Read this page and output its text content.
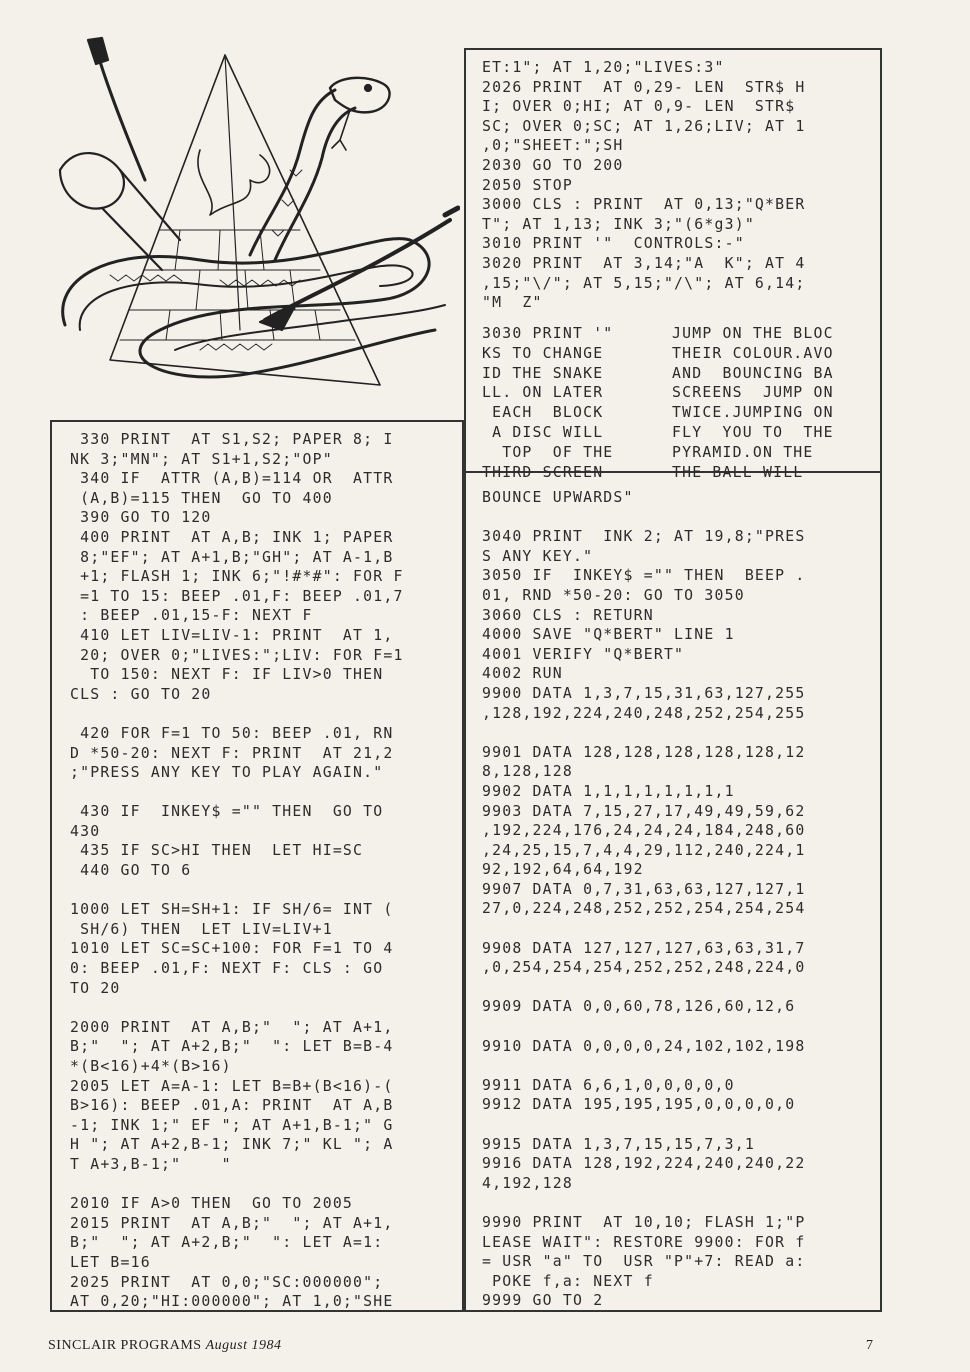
ET:1"; AT 1,20;"LIVES:3"
2026 PRINT  AT 0,29- LEN  STR$ H
I; OVER 0;HI; AT 0,9- LEN  STR$
SC; OVER 0;SC; AT 1,26;LIV; AT 1
,0;"SHEET:";SH
2030 GO TO 200
2050 STOP
3000 CLS : PRINT  AT 0,13;"Q*BER
T"; AT 1,13; INK 3;"(6*g3)"
3010 PRINT '"  CONTROLS:-"
3020 PRINT  AT 3,14;"A  K"; AT 4
,15;"\/"; AT 5,15;"/\"; AT 6,14;
"M  Z"
3030 PRINT '"
KS TO CHANGE
ID THE SNAKE
LL. ON LATER
EACH  BLOCK
A DISC WILL
TOP  OF THE
THIRD SCREEN
JUMP ON THE BLOC
THEIR COLOUR.AVO
AND  BOUNCING BA
SCREENS  JUMP ON
TWICE.JUMPING ON
FLY  YOU TO  THE
PYRAMID.ON THE
THE BALL WILL
BOUNCE UPWARDS"

3040 PRINT  INK 2; AT 19,8;"PRES
S ANY KEY."
3050 IF  INKEY$ ="" THEN  BEEP .
01, RND *50-20: GO TO 3050
3060 CLS : RETURN
4000 SAVE "Q*BERT" LINE 1
4001 VERIFY "Q*BERT"
4002 RUN
9900 DATA 1,3,7,15,31,63,127,255
,128,192,224,240,248,252,254,255

9901 DATA 128,128,128,128,128,12
8,128,128
9902 DATA 1,1,1,1,1,1,1,1
9903 DATA 7,15,27,17,49,49,59,62
,192,224,176,24,24,24,184,248,60
,24,25,15,7,4,4,29,112,240,224,1
92,192,64,64,192
9907 DATA 0,7,31,63,63,127,127,1
27,0,224,248,252,252,254,254,254

9908 DATA 127,127,127,63,63,31,7
,0,254,254,254,252,252,248,224,0

9909 DATA 0,0,60,78,126,60,12,6

9910 DATA 0,0,0,0,24,102,102,198

9911 DATA 6,6,1,0,0,0,0,0
9912 DATA 195,195,195,0,0,0,0,0

9915 DATA 1,3,7,15,15,7,3,1
9916 DATA 128,192,224,240,240,22
4,192,128

9990 PRINT  AT 10,10; FLASH 1;"P
LEASE WAIT": RESTORE 9900: FOR f
= USR "a" TO  USR "P"+7: READ a:
POKE f,a: NEXT f
9999 GO TO 2
330 PRINT  AT S1,S2; PAPER 8; I
NK 3;"MN"; AT S1+1,S2;"OP"
340 IF  ATTR (A,B)=114 OR  ATTR
(A,B)=115 THEN  GO TO 400
390 GO TO 120
400 PRINT  AT A,B; INK 1; PAPER
8;"EF"; AT A+1,B;"GH"; AT A-1,B
+1; FLASH 1; INK 6;"!#*#": FOR F
=1 TO 15: BEEP .01,F: BEEP .01,7
: BEEP .01,15-F: NEXT F
410 LET LIV=LIV-1: PRINT  AT 1,
20; OVER 0;"LIVES:";LIV: FOR F=1
TO 150: NEXT F: IF LIV>0 THEN
CLS : GO TO 20

420 FOR F=1 TO 50: BEEP .01, RN
D *50-20: NEXT F: PRINT  AT 21,2
;"PRESS ANY KEY TO PLAY AGAIN."

430 IF  INKEY$ ="" THEN  GO TO
430
435 IF SC>HI THEN  LET HI=SC
440 GO TO 6

1000 LET SH=SH+1: IF SH/6= INT (
SH/6) THEN  LET LIV=LIV+1
1010 LET SC=SC+100: FOR F=1 TO 4
0: BEEP .01,F: NEXT F: CLS : GO
TO 20

2000 PRINT  AT A,B;"  "; AT A+1,
B;"  "; AT A+2,B;"  ": LET B=B-4
*(B<16)+4*(B>16)
2005 LET A=A-1: LET B=B+(B<16)-(
B>16): BEEP .01,A: PRINT  AT A,B
-1; INK 1;" EF "; AT A+1,B-1;" G
H "; AT A+2,B-1; INK 7;" KL "; A
T A+3,B-1;"    "

2010 IF A>0 THEN  GO TO 2005
2015 PRINT  AT A,B;"  "; AT A+1,
B;"  "; AT A+2,B;"  ": LET A=1:
LET B=16
2025 PRINT  AT 0,0;"SC:000000";
AT 0,20;"HI:000000"; AT 1,0;"SHE
SINCLAIR PROGRAMS August 1984	7
